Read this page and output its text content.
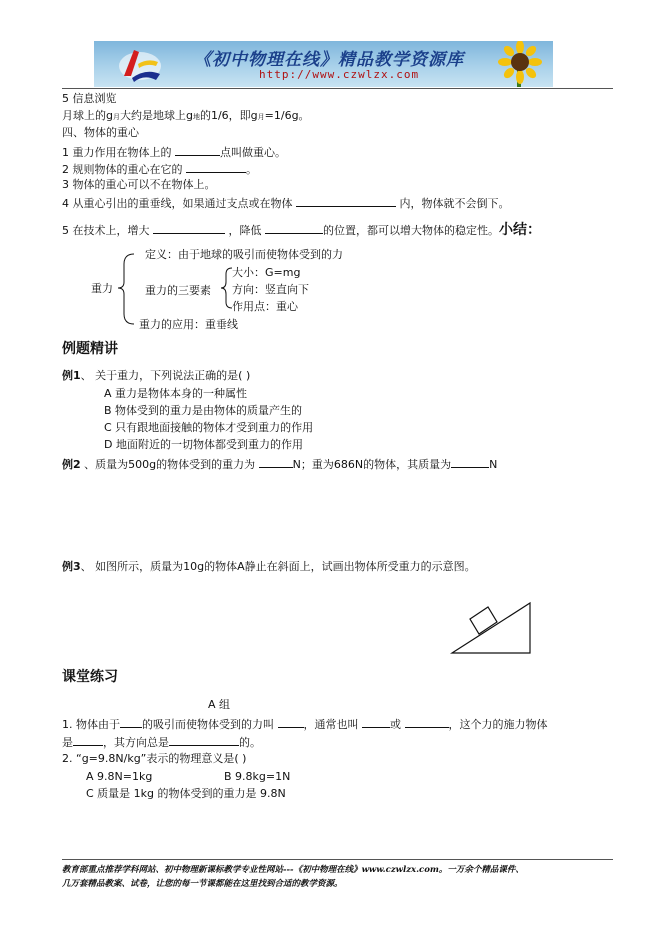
《初中物理在线》精品教学资源库
http://www.czwlzx.com
5 信息浏览
月球上的g月大约是地球上g地的1/6，即g月=1/6g。
四、物体的重心
1 重力作用在物体上的	点叫做重心。
2 规则物体的重心在它的	。
3 物体的重心可以不在物体上。
4 从重心引出的重垂线，如果通过支点或在物体	内，物体就不会倒下。
5 在技术上，增大	，降低	的位置，都可以增大物体的稳定性。小结：
重力
定义：由于地球的吸引而使物体受到的力
重力的三要素
大小：G=mg
方向：竖直向下
作用点：重心
重力的应用：重垂线
例题精讲
例1、 关于重力，下列说法正确的是( )
A 重力是物体本身的一种属性
B 物体受到的重力是由物体的质量产生的
C 只有跟地面接触的物体才受到重力的作用
D 地面附近的一切物体都受到重力的作用
例2 、质量为500g的物体受到的重力为	N；重为686N的物体，其质量为	N
例3、 如图所示，质量为10g的物体A静止在斜面上，试画出物体所受重力的示意图。
课堂练习
A 组
1. 物体由于 的吸引而使物体受到的力叫	，通常也叫	或	，这个力的施力物体
是	，其方向总是	的。
2. “g=9.8N/kg”表示的物理意义是( )
A 9.8N=1kg	B 9.8kg=1N
C 质量是 1kg 的物体受到的重力是 9.8N
教育部重点推荐学科网站、初中物理新课标教学专业性网站---《初中物理在线》www.czwlzx.com。一万余个精品课件、
几万套精品教案、试卷，让您的每一节课都能在这里找到合适的教学资源。
